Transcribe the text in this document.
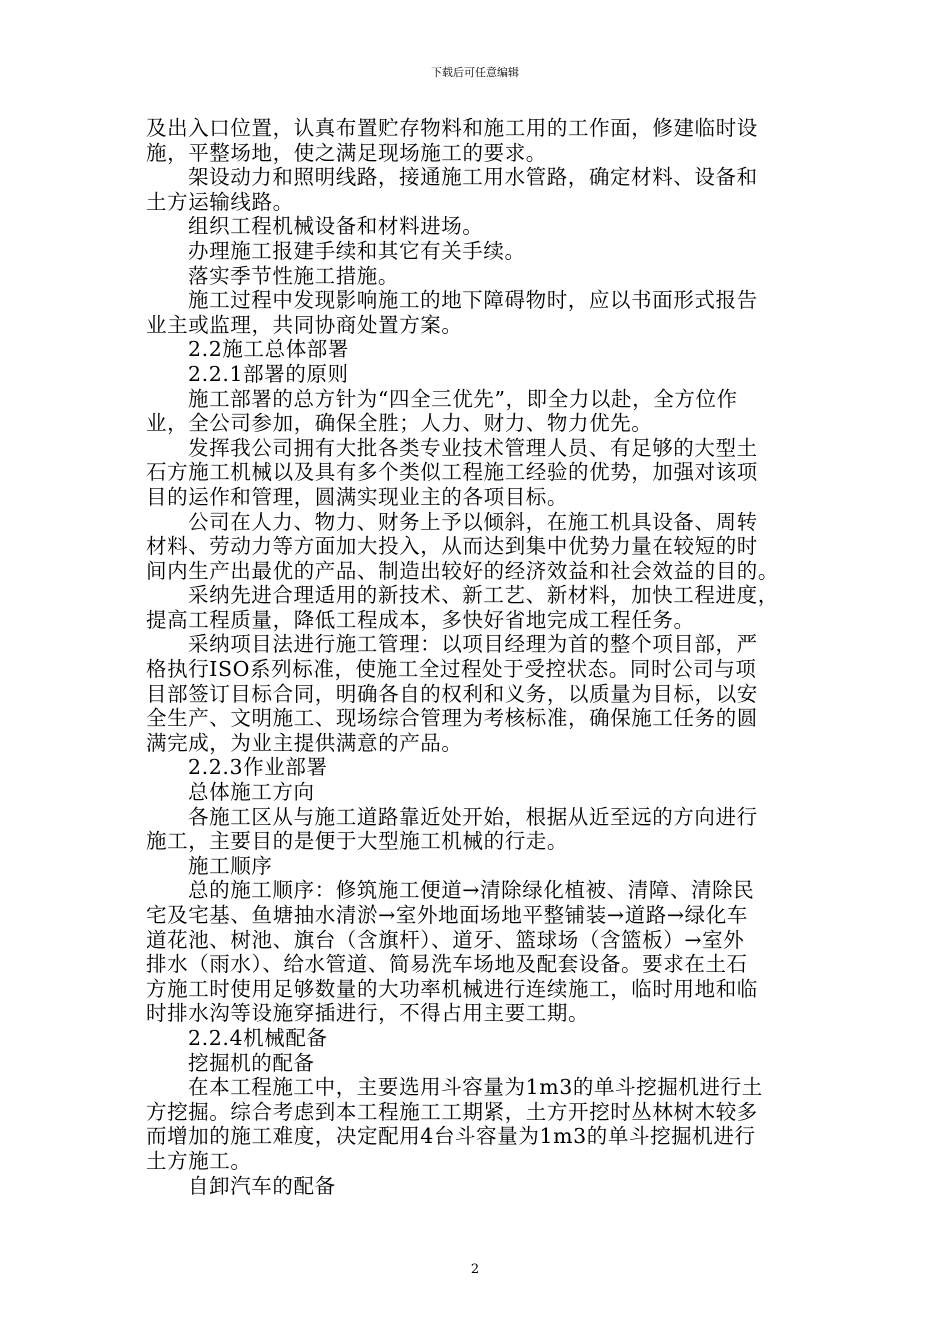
下载后可任意编辑
及出入口位置，认真布置贮存物料和施工用的工作面，修建临时设
施，平整场地，使之满足现场施工的要求。
架设动力和照明线路，接通施工用水管路，确定材料、设备和
土方运输线路。
组织工程机械设备和材料进场。
办理施工报建手续和其它有关手续。
落实季节性施工措施。
施工过程中发现影响施工的地下障碍物时，应以书面形式报告
业主或监理，共同协商处置方案。
2.2施工总体部署
2.2.1部署的原则
施工部署的总方针为“四全三优先”，即全力以赴，全方位作
业，全公司参加，确保全胜；人力、财力、物力优先。
发挥我公司拥有大批各类专业技术管理人员、有足够的大型土
石方施工机械以及具有多个类似工程施工经验的优势，加强对该项
目的运作和管理，圆满实现业主的各项目标。
公司在人力、物力、财务上予以倾斜，在施工机具设备、周转
材料、劳动力等方面加大投入，从而达到集中优势力量在较短的时
间内生产出最优的产品、制造出较好的经济效益和社会效益的目的。
采纳先进合理适用的新技术、新工艺、新材料，加快工程进度，
提高工程质量，降低工程成本，多快好省地完成工程任务。
采纳项目法进行施工管理：以项目经理为首的整个项目部，严
格执行ISO系列标准，使施工全过程处于受控状态。同时公司与项
目部签订目标合同，明确各自的权利和义务，以质量为目标，以安
全生产、文明施工、现场综合管理为考核标准，确保施工任务的圆
满完成，为业主提供满意的产品。
2.2.3作业部署
总体施工方向
各施工区从与施工道路靠近处开始，根据从近至远的方向进行
施工，主要目的是便于大型施工机械的行走。
施工顺序
总的施工顺序：修筑施工便道→清除绿化植被、清障、清除民
宅及宅基、鱼塘抽水清淤→室外地面场地平整铺装→道路→绿化车
道花池、树池、旗台（含旗杆）、道牙、篮球场（含篮板）→室外
排水（雨水）、给水管道、简易洗车场地及配套设备。要求在土石
方施工时使用足够数量的大功率机械进行连续施工，临时用地和临
时排水沟等设施穿插进行，不得占用主要工期。
2.2.4机械配备
挖掘机的配备
在本工程施工中，主要选用斗容量为1m3的单斗挖掘机进行土
方挖掘。综合考虑到本工程施工工期紧，土方开挖时丛林树木较多
而增加的施工难度，决定配用4台斗容量为1m3的单斗挖掘机进行
土方施工。
自卸汽车的配备
2
